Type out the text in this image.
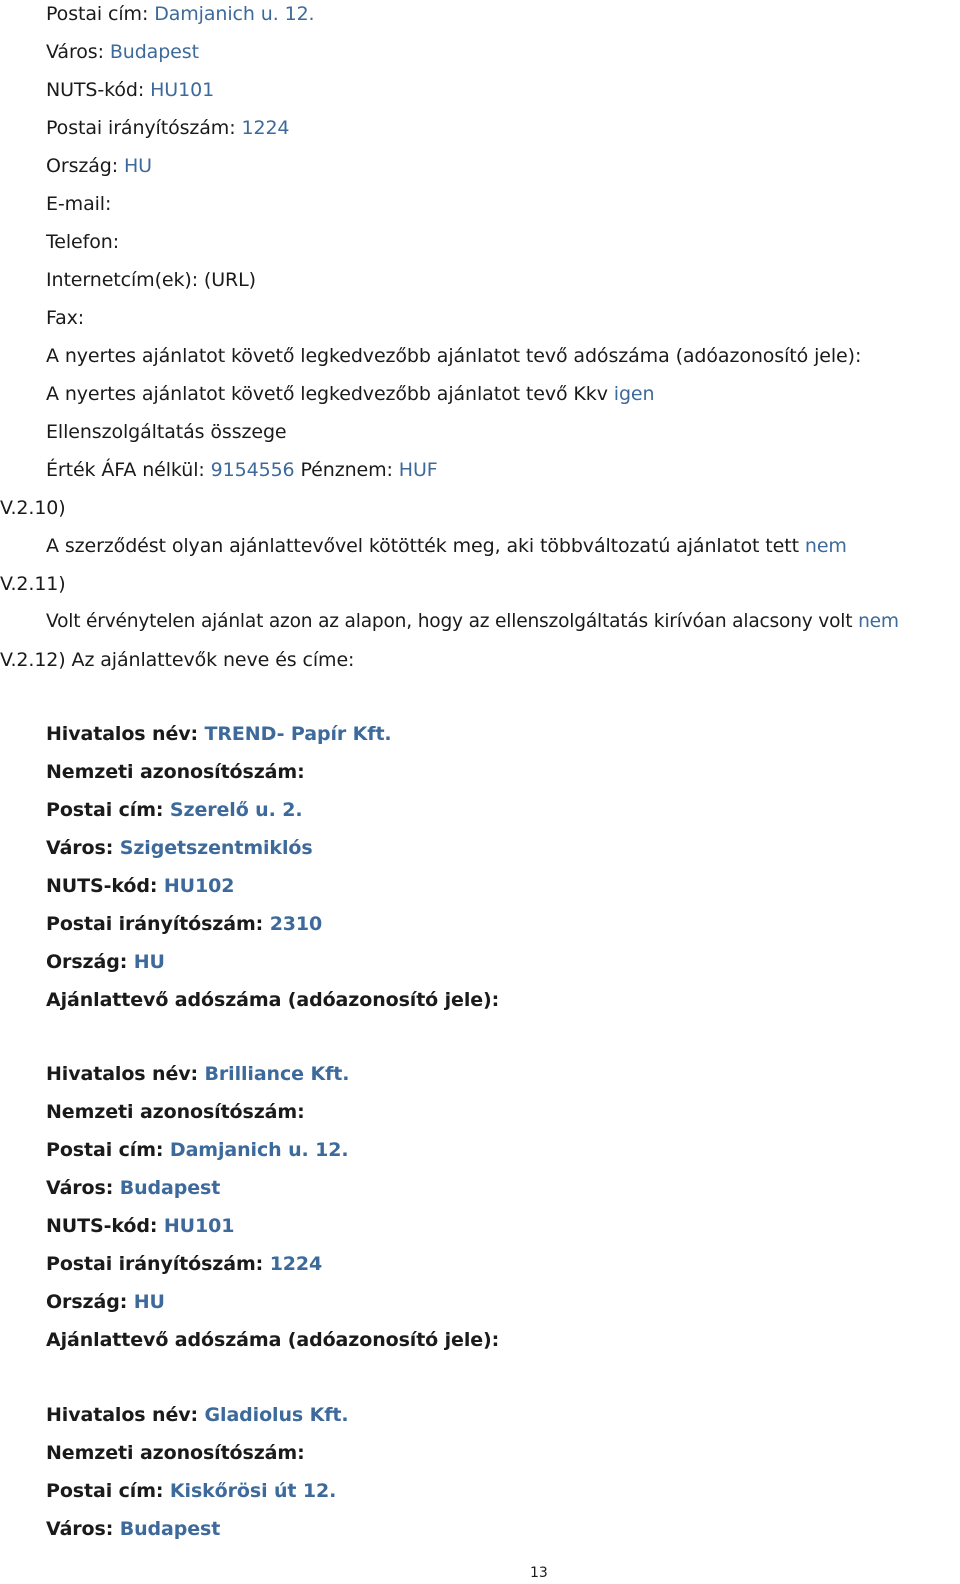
Postai cím: Damjanich u. 12.
Város: Budapest
NUTS-kód: HU101
Postai irányítószám: 1224
Ország: HU
E-mail:
Telefon:
Internetcím(ek): (URL)
Fax:
A nyertes ajánlatot követő legkedvezőbb ajánlatot tevő adószáma (adóazonosító jele):
A nyertes ajánlatot követő legkedvezőbb ajánlatot tevő Kkv igen
Ellenszolgáltatás összege
Érték ÁFA nélkül: 9154556 Pénznem: HUF
V.2.10)
A szerződést olyan ajánlattevővel kötötték meg, aki többváltozatú ajánlatot tett nem
V.2.11)
Volt érvénytelen ajánlat azon az alapon, hogy az ellenszolgáltatás kirívóan alacsony volt nem
V.2.12) Az ajánlattevők neve és címe:
Hivatalos név: TREND- Papír Kft.
Nemzeti azonosítószám:
Postai cím: Szerelő u. 2.
Város: Szigetszentmiklós
NUTS-kód: HU102
Postai irányítószám: 2310
Ország: HU
Ajánlattevő adószáma (adóazonosító jele):
Hivatalos név: Brilliance Kft.
Nemzeti azonosítószám:
Postai cím: Damjanich u. 12.
Város: Budapest
NUTS-kód: HU101
Postai irányítószám: 1224
Ország: HU
Ajánlattevő adószáma (adóazonosító jele):
Hivatalos név: Gladiolus Kft.
Nemzeti azonosítószám:
Postai cím: Kiskőrösi út 12.
Város: Budapest
13
